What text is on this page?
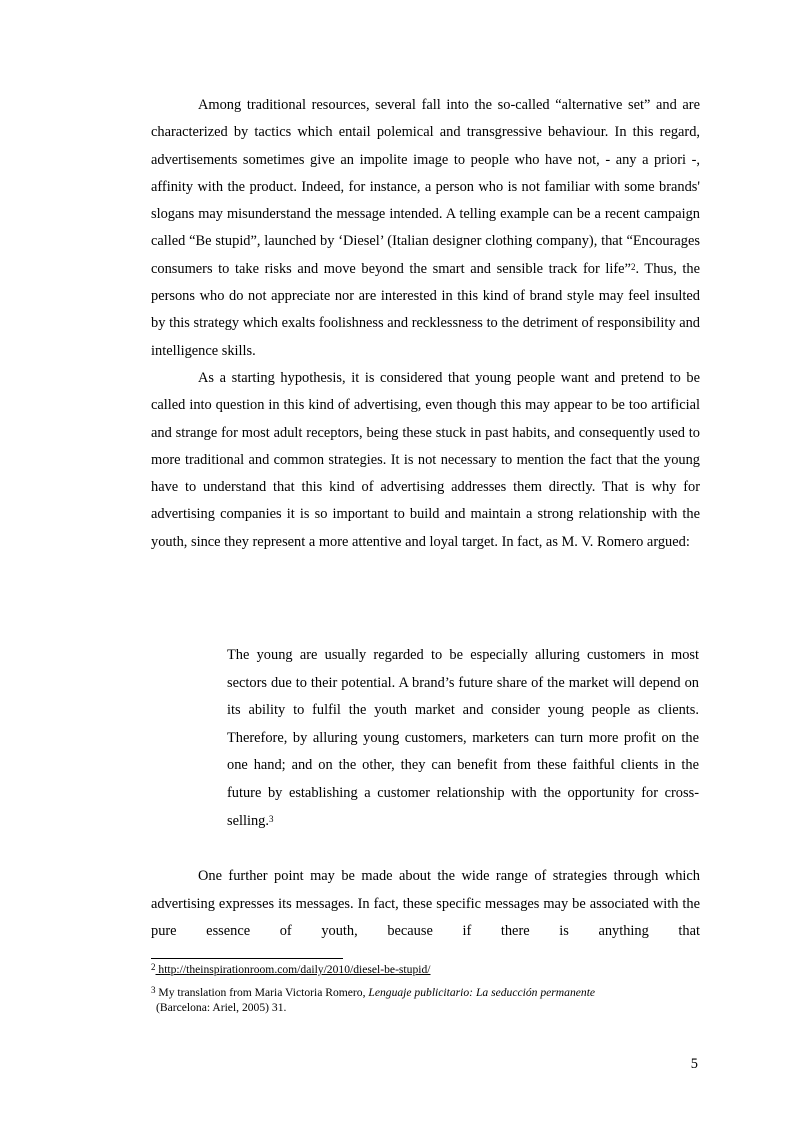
Among traditional resources, several fall into the so-called “alternative set” and are characterized by tactics which entail polemical and transgressive behaviour. In this regard, advertisements sometimes give an impolite image to people who have not, - any a priori -, affinity with the product. Indeed, for instance, a person who is not familiar with some brands' slogans may misunderstand the message intended. A telling example can be a recent campaign called “Be stupid”, launched by ‘Diesel’ (Italian designer clothing company), that “Encourages consumers to take risks and move beyond the smart and sensible track for life”$^2$. Thus, the persons who do not appreciate nor are interested in this kind of brand style may feel insulted by this strategy which exalts foolishness and recklessness to the detriment of responsibility and intelligence skills.

As a starting hypothesis, it is considered that young people want and pretend to be called into question in this kind of advertising, even though this may appear to be too artificial and strange for most adult receptors, being these stuck in past habits, and consequently used to more traditional and common strategies. It is not necessary to mention the fact that the young have to understand that this kind of advertising addresses them directly. That is why for advertising companies it is so important to build and maintain a strong relationship with the youth, since they represent a more attentive and loyal target. In fact, as M. V. Romero argued:

The young are usually regarded to be especially alluring customers in most sectors due to their potential. A brand’s future share of the market will depend on its ability to fulfil the youth market and consider young people as clients. Therefore, by alluring young customers, marketers can turn more profit on the one hand; and on the other, they can benefit from these faithful clients in the future by establishing a customer relationship with the opportunity for cross-selling.$^3$

One further point may be made about the wide range of strategies through which advertising expresses its messages. In fact, these specific messages may be associated with the pure essence of youth, because if there is anything that

$^2$ http://theinspirationroom.com/daily/2010/diesel-be-stupid/

$^3$ My translation from Maria Victoria Romero, Lenguaje publicitario: La seducción permanente
(Barcelona: Ariel, 2005) 31.

5
